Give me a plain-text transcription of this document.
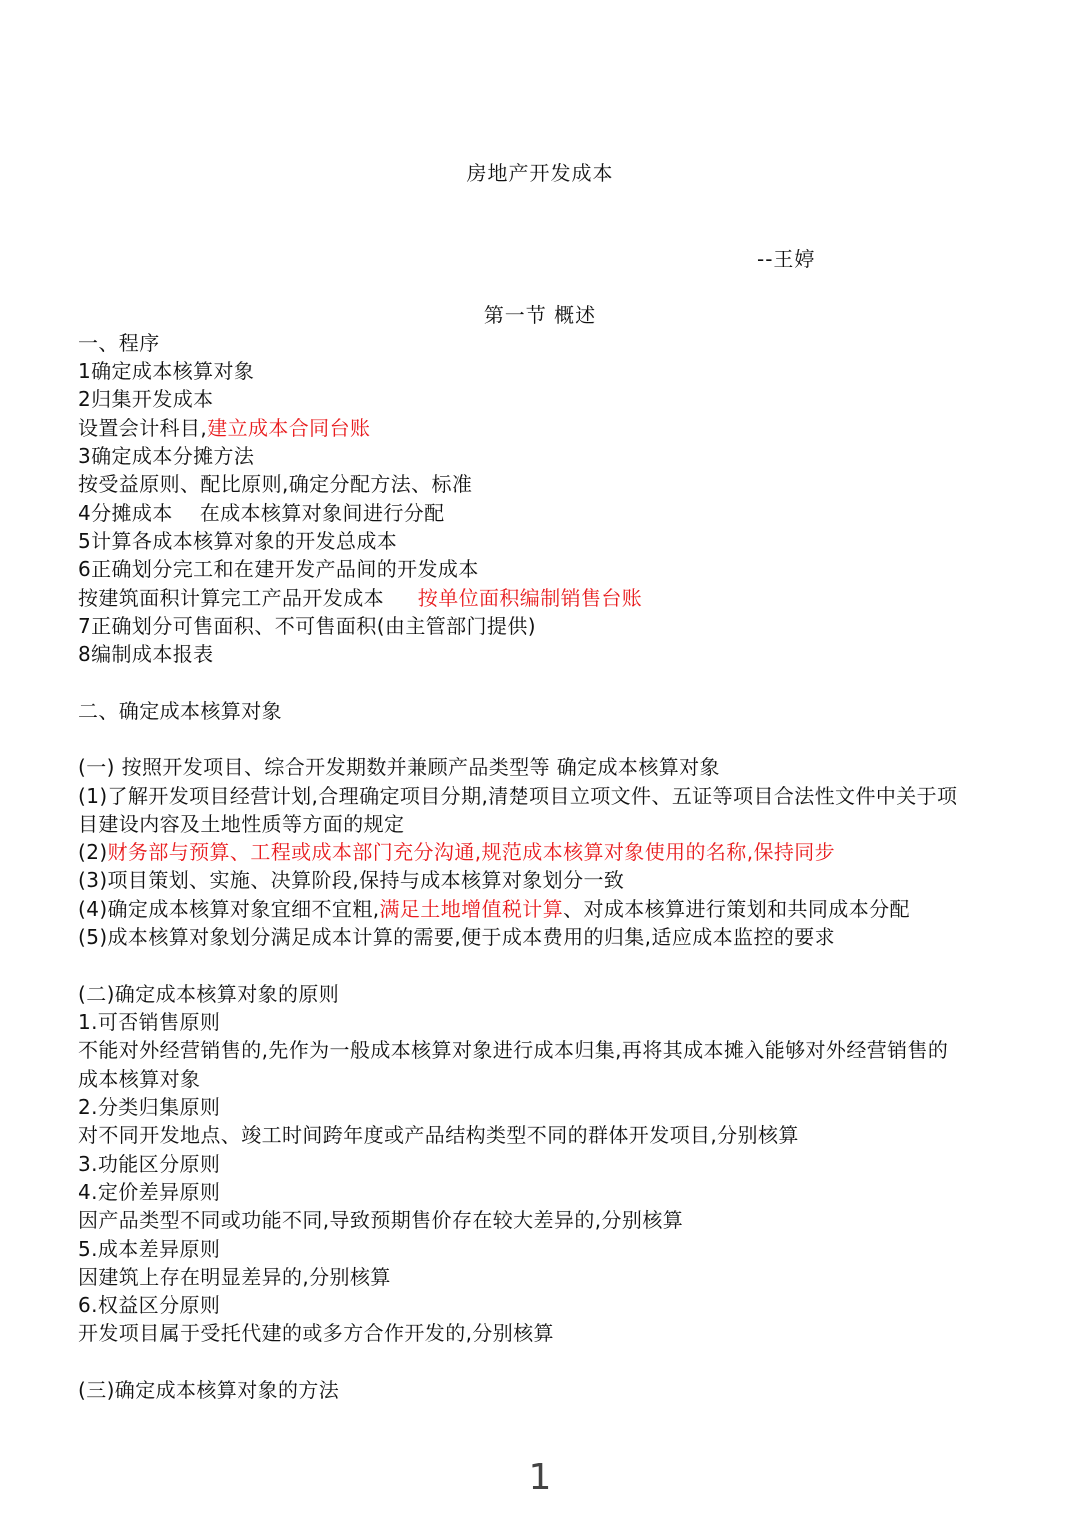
房地产开发成本
--王婷
第一节 概述
一、程序
1确定成本核算对象
2归集开发成本
设置会计科目,建立成本合同台账
3确定成本分摊方法
按受益原则、配比原则,确定分配方法、标准
4分摊成本    在成本核算对象间进行分配
5计算各成本核算对象的开发总成本
6正确划分完工和在建开发产品间的开发成本
按建筑面积计算完工产品开发成本     按单位面积编制销售台账
7正确划分可售面积、不可售面积(由主管部门提供)
8编制成本报表
二、确定成本核算对象
(一) 按照开发项目、综合开发期数并兼顾产品类型等 确定成本核算对象
(1)了解开发项目经营计划,合理确定项目分期,清楚项目立项文件、五证等项目合法性文件中关于项
目建设内容及土地性质等方面的规定
(2)财务部与预算、工程或成本部门充分沟通,规范成本核算对象使用的名称,保持同步
(3)项目策划、实施、决算阶段,保持与成本核算对象划分一致
(4)确定成本核算对象宜细不宜粗,满足土地增值税计算、对成本核算进行策划和共同成本分配
(5)成本核算对象划分满足成本计算的需要,便于成本费用的归集,适应成本监控的要求
(二)确定成本核算对象的原则
1.可否销售原则
不能对外经营销售的,先作为一般成本核算对象进行成本归集,再将其成本摊入能够对外经营销售的
成本核算对象
2.分类归集原则
对不同开发地点、竣工时间跨年度或产品结构类型不同的群体开发项目,分别核算
3.功能区分原则
4.定价差异原则
因产品类型不同或功能不同,导致预期售价存在较大差异的,分别核算
5.成本差异原则
因建筑上存在明显差异的,分别核算
6.权益区分原则
开发项目属于受托代建的或多方合作开发的,分别核算
(三)确定成本核算对象的方法
1
